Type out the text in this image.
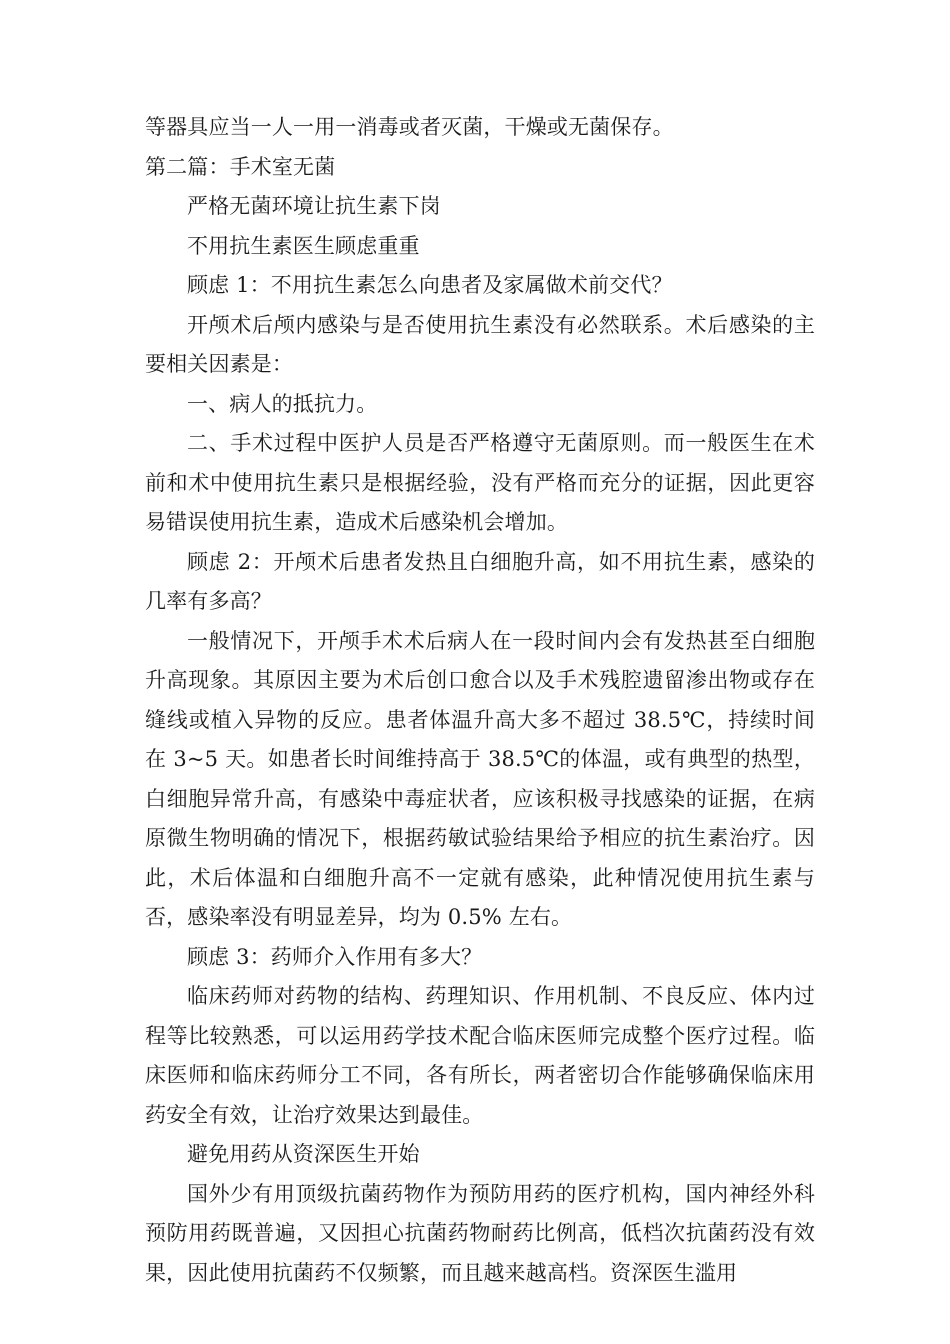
等器具应当一人一用一消毒或者灭菌，干燥或无菌保存。

第二篇：手术室无菌

严格无菌环境让抗生素下岗

不用抗生素医生顾虑重重

顾虑 1：不用抗生素怎么向患者及家属做术前交代？

开颅术后颅内感染与是否使用抗生素没有必然联系。术后感染的主要相关因素是：

一、病人的抵抗力。

二、手术过程中医护人员是否严格遵守无菌原则。而一般医生在术前和术中使用抗生素只是根据经验，没有严格而充分的证据，因此更容易错误使用抗生素，造成术后感染机会增加。

顾虑 2：开颅术后患者发热且白细胞升高，如不用抗生素，感染的几率有多高？

一般情况下，开颅手术术后病人在一段时间内会有发热甚至白细胞升高现象。其原因主要为术后创口愈合以及手术残腔遗留渗出物或存在缝线或植入异物的反应。患者体温升高大多不超过 38.5℃，持续时间在 3~5 天。如患者长时间维持高于 38.5℃的体温，或有典型的热型，白细胞异常升高，有感染中毒症状者，应该积极寻找感染的证据，在病原微生物明确的情况下，根据药敏试验结果给予相应的抗生素治疗。因此，术后体温和白细胞升高不一定就有感染，此种情况使用抗生素与否，感染率没有明显差异，均为 0.5% 左右。

顾虑 3：药师介入作用有多大？

临床药师对药物的结构、药理知识、作用机制、不良反应、体内过程等比较熟悉，可以运用药学技术配合临床医师完成整个医疗过程。临床医师和临床药师分工不同，各有所长，两者密切合作能够确保临床用药安全有效，让治疗效果达到最佳。

避免用药从资深医生开始

国外少有用顶级抗菌药物作为预防用药的医疗机构，国内神经外科预防用药既普遍，又因担心抗菌药物耐药比例高，低档次抗菌药没有效果，因此使用抗菌药不仅频繁，而且越来越高档。资深医生滥用
